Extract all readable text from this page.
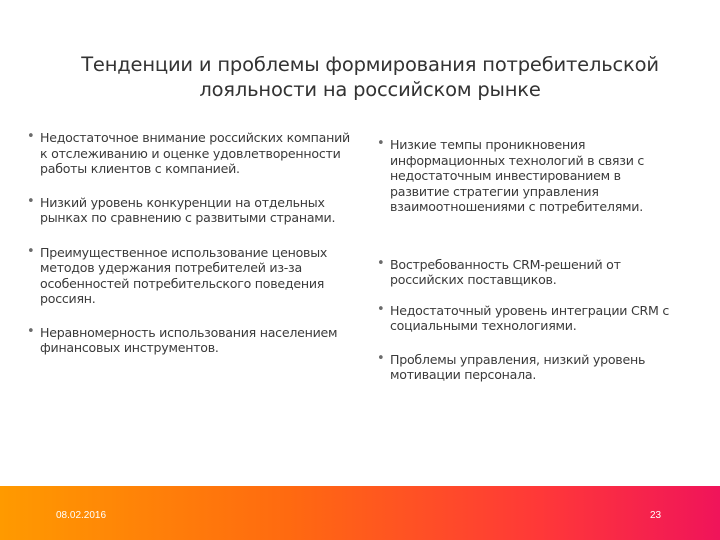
Тенденции и проблемы формирования потребительской
лояльности на российском рынке
• Недостаточное внимание российских компаний к отслеживанию и оценке удовлетворенности работы клиентов с компанией.
• Низкий уровень конкуренции на отдельных рынках по сравнению с развитыми странами.
• Преимущественное использование ценовых методов удержания потребителей из-за особенностей потребительского поведения россиян.
• Неравномерность использования населением финансовых инструментов.
• Низкие темпы проникновения информационных технологий в связи с недостаточным инвестированием в развитие стратегии управления взаимоотношениями с потребителями.
• Востребованность CRM-решений от российских поставщиков.
• Недостаточный уровень интеграции CRM с социальными технологиями.
• Проблемы управления, низкий уровень мотивации персонала.
08.02.2016	23
